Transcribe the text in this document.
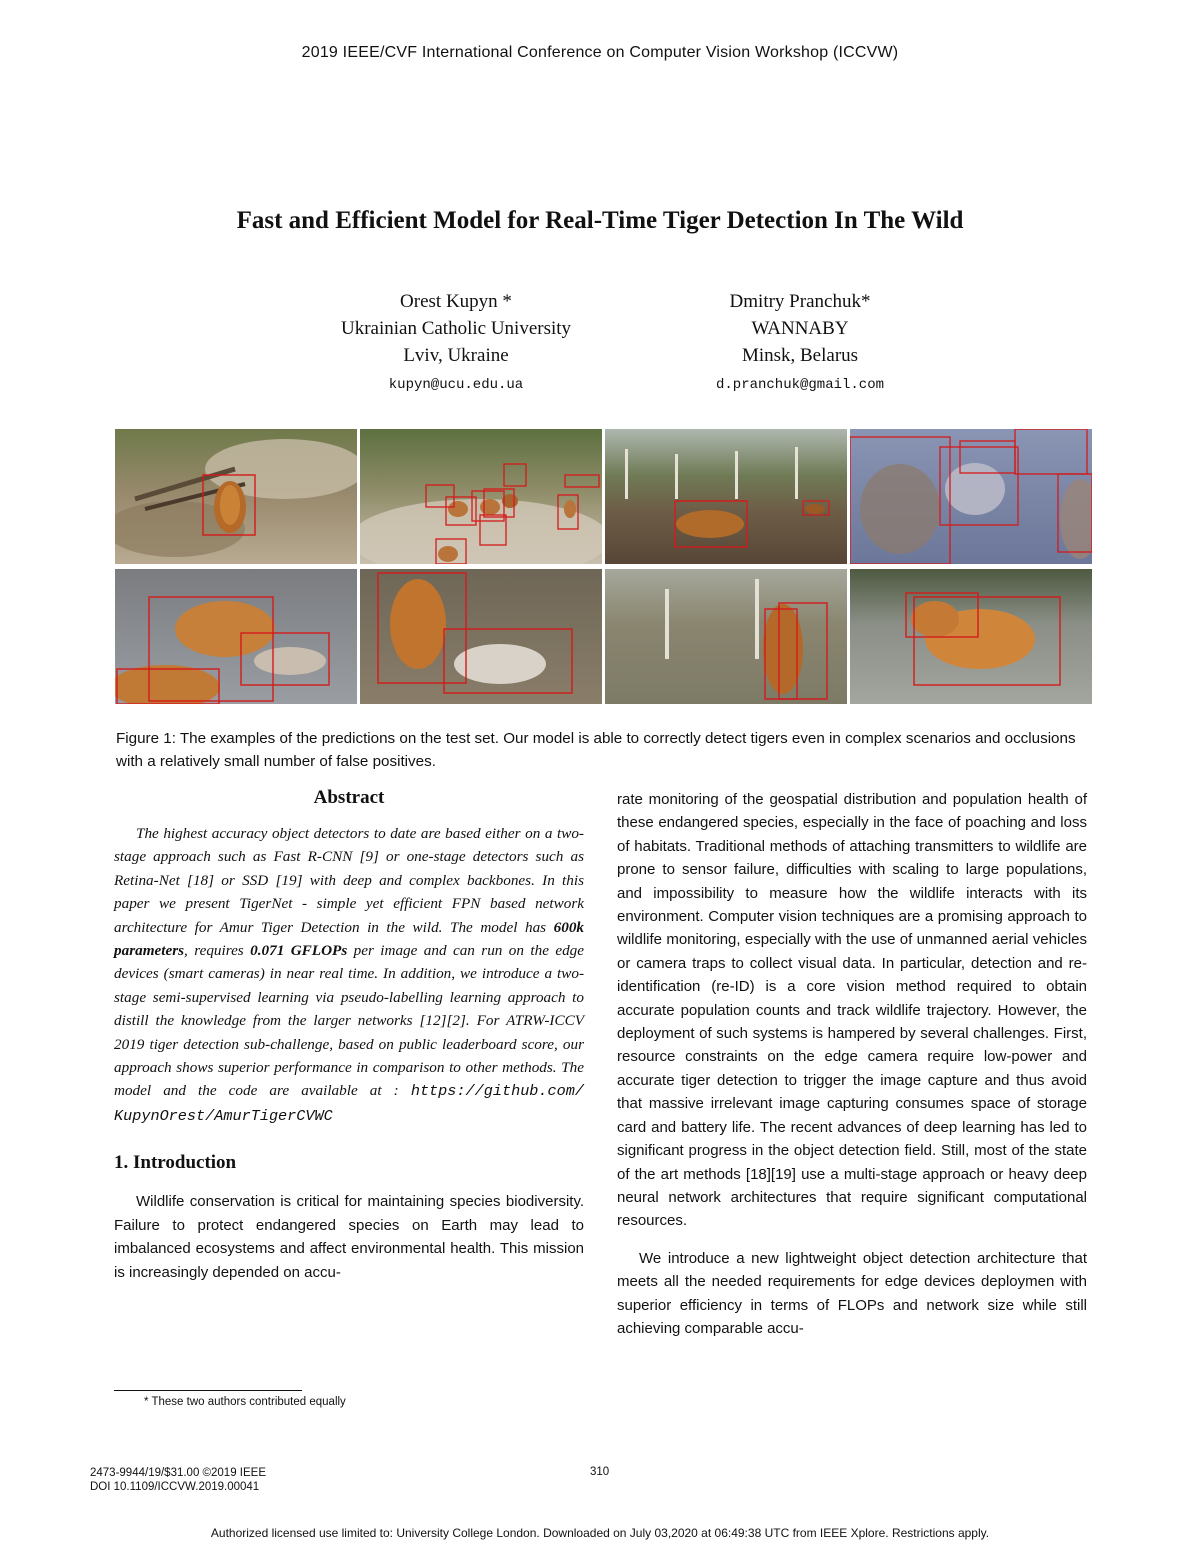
2019 IEEE/CVF International Conference on Computer Vision Workshop (ICCVW)
Fast and Efficient Model for Real-Time Tiger Detection In The Wild
Orest Kupyn *
Ukrainian Catholic University
Lviv, Ukraine
kupyn@ucu.edu.ua
Dmitry Pranchuk*
WANNABY
Minsk, Belarus
d.pranchuk@gmail.com
Figure 1: The examples of the predictions on the test set. Our model is able to correctly detect tigers even in complex scenarios and occlusions with a relatively small number of false positives.
Abstract

The highest accuracy object detectors to date are based either on a two-stage approach such as Fast R-CNN [9] or one-stage detectors such as Retina-Net [18] or SSD [19] with deep and complex backbones. In this paper we present TigerNet - simple yet efficient FPN based network architecture for Amur Tiger Detection in the wild. The model has 600k parameters, requires 0.071 GFLOPs per image and can run on the edge devices (smart cameras) in near real time. In addition, we introduce a two-stage semi-supervised learning via pseudo-labelling learning approach to distill the knowledge from the larger networks [12][2]. For ATRW-ICCV 2019 tiger detection sub-challenge, based on public leaderboard score, our approach shows superior performance in comparison to other methods. The model and the code are available at : https://github.com/ KupynOrest/AmurTigerCVWC

1. Introduction

Wildlife conservation is critical for maintaining species biodiversity. Failure to protect endangered species on Earth may lead to imbalanced ecosystems and affect environmental health. This mission is increasingly depended on accu-

rate monitoring of the geospatial distribution and population health of these endangered species, especially in the face of poaching and loss of habitats. Traditional methods of attaching transmitters to wildlife are prone to sensor failure, difficulties with scaling to large populations, and impossibility to measure how the wildlife interacts with its environment. Computer vision techniques are a promising approach to wildlife monitoring, especially with the use of unmanned aerial vehicles or camera traps to collect visual data. In particular, detection and re-identification (re-ID) is a core vision method required to obtain accurate population counts and track wildlife trajectory. However, the deployment of such systems is hampered by several challenges. First, resource constraints on the edge camera require low-power and accurate tiger detection to trigger the image capture and thus avoid that massive irrelevant image capturing consumes space of storage card and battery life. The recent advances of deep learning has led to significant progress in the object detection field. Still, most of the state of the art methods [18][19] use a multi-stage approach or heavy deep neural network architectures that require significant computational resources.

We introduce a new lightweight object detection architecture that meets all the needed requirements for edge devices deploymen with superior efficiency in terms of FLOPs and network size while still achieving comparable accu-

* These two authors contributed equally
2473-9944/19/$31.00 ©2019 IEEE
DOI 10.1109/ICCVW.2019.00041
310
Authorized licensed use limited to: University College London. Downloaded on July 03,2020 at 06:49:38 UTC from IEEE Xplore. Restrictions apply.
